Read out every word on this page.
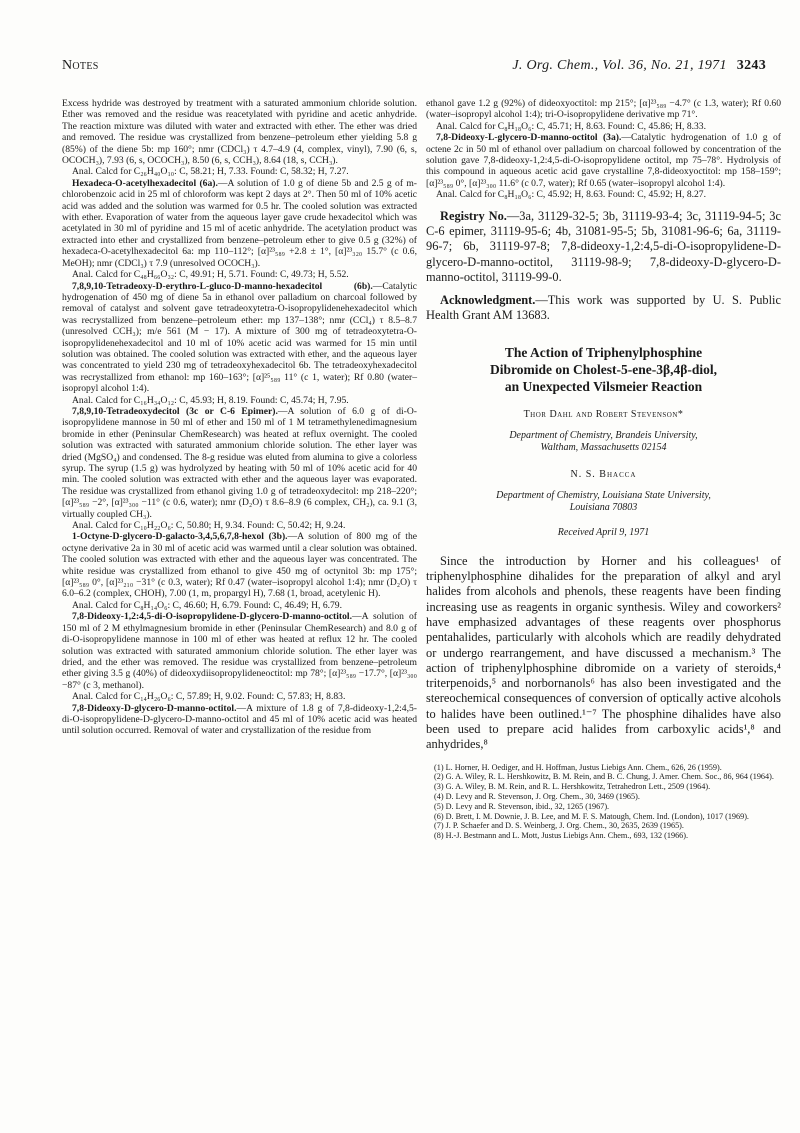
Notes	J. Org. Chem., Vol. 36, No. 21, 1971 3243

Excess hydride was destroyed by treatment with a saturated ammonium chloride solution. Ether was removed and the residue was reacetylated with pyridine and acetic anhydride. The reaction mixture was diluted with water and extracted with ether. The ether was dried and removed. The residue was crystallized from benzene–petroleum ether yielding 5.8 g (85%) of the diene 5b: mp 160°; nmr (CDCl₃) τ 4.7–4.9 (4, complex, vinyl), 7.90 (6, s, OCOCH₃), 7.93 (6, s, OCOCH₃), 8.50 (6, s, CCH₃), 8.64 (18, s, CCH₃).

Anal. Calcd for C₂₆H₄₀O₁₀: C, 58.21; H, 7.33. Found: C, 58.32; H, 7.27.

Hexadeca-O-acetylhexadecitol (6a).—A solution of 1.0 g of diene 5b and 2.5 g of m-chlorobenzoic acid in 25 ml of chloroform was kept 2 days at 2°. Then 50 ml of 10% acetic acid was added and the solution was warmed for 0.5 hr. The cooled solution was extracted with ether. Evaporation of water from the aqueous layer gave crude hexadecitol which was acetylated in 30 ml of pyridine and 15 ml of acetic anhydride. The acetylation product was extracted into ether and crystallized from benzene–petroleum ether to give 0.5 g (32%) of hexadeca-O-acetylhexadecitol 6a: mp 110–112°; [α]²³₅₈₉ +2.8 ± 1°, [α]²³₃₂₀ 15.7° (c 0.6, MeOH); nmr (CDCl₃) τ 7.9 (unresolved OCOCH₃).

Anal. Calcd for C₄₈H₆₆O₃₂: C, 49.91; H, 5.71. Found: C, 49.73; H, 5.52.

7,8,9,10-Tetradeoxy-D-erythro-L-gluco-D-manno-hexadecitol (6b).—Catalytic hydrogenation of 450 mg of diene 5a in ethanol over palladium on charcoal followed by removal of catalyst and solvent gave tetradeoxytetra-O-isopropylidenehexadecitol which was recrystallized from benzene–petroleum ether: mp 137–138°; nmr (CCl₄) τ 8.5–8.7 (unresolved CCH₃); m/e 561 (M − 17). A mixture of 300 mg of tetradeoxytetra-O-isopropylidenehexadecitol and 10 ml of 10% acetic acid was warmed for 15 min until solution was obtained. The cooled solution was extracted with ether, and the aqueous layer was concentrated to yield 230 mg of tetradeoxyhexadecitol 6b. The tetradeoxyhexadecitol was recrystallized from ethanol: mp 160–163°; [α]²⁵₅₈₉ 11° (c 1, water); Rf 0.80 (water–isopropyl alcohol 1:4).

Anal. Calcd for C₁₆H₃₄O₁₂: C, 45.93; H, 8.19. Found: C, 45.74; H, 7.95.

7,8,9,10-Tetradeoxydecitol (3c or C-6 Epimer).—A solution of 6.0 g of di-O-isopropylidene mannose in 50 ml of ether and 150 ml of 1 M tetramethylenedimagnesium bromide in ether (Peninsular ChemResearch) was heated at reflux overnight. The cooled solution was extracted with saturated ammonium chloride solution. The ether layer was dried (MgSO₄) and condensed. The 8-g residue was eluted from alumina to give a colorless syrup. The syrup (1.5 g) was hydrolyzed by heating with 50 ml of 10% acetic acid for 40 min. The cooled solution was extracted with ether and the aqueous layer was evaporated. The residue was crystallized from ethanol giving 1.0 g of tetradeoxydecitol: mp 218–220°; [α]²³₅₈₉ −2°, [α]²³₃₀₀ −11° (c 0.6, water); nmr (D₂O) τ 8.6–8.9 (6 complex, CH₂), ca. 9.1 (3, virtually coupled CH₃).

Anal. Calcd for C₁₀H₂₂O₆: C, 50.80; H, 9.34. Found: C, 50.42; H, 9.24.

1-Octyne-D-glycero-D-galacto-3,4,5,6,7,8-hexol (3b).—A solution of 800 mg of the octyne derivative 2a in 30 ml of acetic acid was warmed until a clear solution was obtained. The cooled solution was extracted with ether and the aqueous layer was concentrated. The white residue was crystallized from ethanol to give 450 mg of octynitol 3b: mp 175°; [α]²³₅₈₉ 0°, [α]²³₂₁₀ −31° (c 0.3, water); Rf 0.47 (water–isopropyl alcohol 1:4); nmr (D₂O) τ 6.0–6.2 (complex, CHOH), 7.00 (1, m, propargyl H), 7.68 (1, broad, acetylenic H).

Anal. Calcd for C₈H₁₄O₆: C, 46.60; H, 6.79. Found: C, 46.49; H, 6.79.

7,8-Dideoxy-1,2:4,5-di-O-isopropylidene-D-glycero-D-manno-octitol.—A solution of 150 ml of 2 M ethylmagnesium bromide in ether (Peninsular ChemResearch) and 8.0 g of di-O-isopropylidene mannose in 100 ml of ether was heated at reflux 12 hr. The cooled solution was extracted with saturated ammonium chloride solution. The ether layer was dried, and the ether was removed. The residue was crystallized from benzene–petroleum ether giving 3.5 g (40%) of dideoxydiisopropylideneoctitol: mp 78°; [α]²³₅₈₉ −17.7°, [α]²³₃₀₀ −87° (c 3, methanol).

Anal. Calcd for C₁₄H₂₆O₆: C, 57.89; H, 9.02. Found: C, 57.83; H, 8.83.

7,8-Dideoxy-D-glycero-D-manno-octitol.—A mixture of 1.8 g of 7,8-dideoxy-1,2:4,5-di-O-isopropylidene-D-glycero-D-manno-octitol and 45 ml of 10% acetic acid was heated until solution occurred. Removal of water and crystallization of the residue from

ethanol gave 1.2 g (92%) of dideoxyoctitol: mp 215°; [α]²³₅₈₉ −4.7° (c 1.3, water); Rf 0.60 (water–isopropyl alcohol 1:4); tri-O-isopropylidene derivative mp 71°.

Anal. Calcd for C₈H₁₈O₆: C, 45.71; H, 8.63. Found: C, 45.86; H, 8.33.

7,8-Dideoxy-L-glycero-D-manno-octitol (3a).—Catalytic hydrogenation of 1.0 g of octene 2c in 50 ml of ethanol over palladium on charcoal followed by concentration of the solution gave 7,8-dideoxy-1,2:4,5-di-O-isopropylidene octitol, mp 75–78°. Hydrolysis of this compound in aqueous acetic acid gave crystalline 7,8-dideoxyoctitol: mp 158–159°; [α]²³₅₈₉ 0°, [α]²³₃₀₀ 11.6° (c 0.7, water); Rf 0.65 (water–isopropyl alcohol 1:4).

Anal. Calcd for C₈H₁₈O₆: C, 45.92; H, 8.63. Found: C, 45.92; H, 8.27.

Registry No.—3a, 31129-32-5; 3b, 31119-93-4; 3c, 31119-94-5; 3c C-6 epimer, 31119-95-6; 4b, 31081-95-5; 5b, 31081-96-6; 6a, 31119-96-7; 6b, 31119-97-8; 7,8-dideoxy-1,2:4,5-di-O-isopropylidene-D-glycero-D-manno-octitol, 31119-98-9; 7,8-dideoxy-D-glycero-D-manno-octitol, 31119-99-0.

Acknowledgment.—This work was supported by U. S. Public Health Grant AM 13683.

The Action of Triphenylphosphine
Dibromide on Cholest-5-ene-3β,4β-diol,
an Unexpected Vilsmeier Reaction
Thor Dahl and Robert Stevenson*
Department of Chemistry, Brandeis University,
Waltham, Massachusetts 02154
N. S. Bhacca
Department of Chemistry, Louisiana State University,
Louisiana 70803
Received April 9, 1971

Since the introduction by Horner and his colleagues¹ of triphenylphosphine dihalides for the preparation of alkyl and aryl halides from alcohols and phenols, these reagents have been finding increasing use as reagents in organic synthesis. Wiley and coworkers² have emphasized advantages of these reagents over phosphorus pentahalides, particularly with alcohols which are readily dehydrated or undergo rearrangement, and have discussed a mechanism.³ The action of triphenylphosphine dibromide on a variety of steroids,⁴ triterpenoids,⁵ and norbornanols⁶ has also been investigated and the stereochemical consequences of conversion of optically active alcohols to halides have been outlined.¹⁻⁷ The phosphine dihalides have also been used to prepare acid halides from carboxylic acids¹,⁸ and anhydrides,⁸

(1) L. Horner, H. Oediger, and H. Hoffman, Justus Liebigs Ann. Chem., 626, 26 (1959).

(2) G. A. Wiley, R. L. Hershkowitz, B. M. Rein, and B. C. Chung, J. Amer. Chem. Soc., 86, 964 (1964).

(3) G. A. Wiley, B. M. Rein, and R. L. Hershkowitz, Tetrahedron Lett., 2509 (1964).

(4) D. Levy and R. Stevenson, J. Org. Chem., 30, 3469 (1965).

(5) D. Levy and R. Stevenson, ibid., 32, 1265 (1967).

(6) D. Brett, I. M. Downie, J. B. Lee, and M. F. S. Matough, Chem. Ind. (London), 1017 (1969).

(7) J. P. Schaefer and D. S. Weinberg, J. Org. Chem., 30, 2635, 2639 (1965).

(8) H.-J. Bestmann and L. Mott, Justus Liebigs Ann. Chem., 693, 132 (1966).
